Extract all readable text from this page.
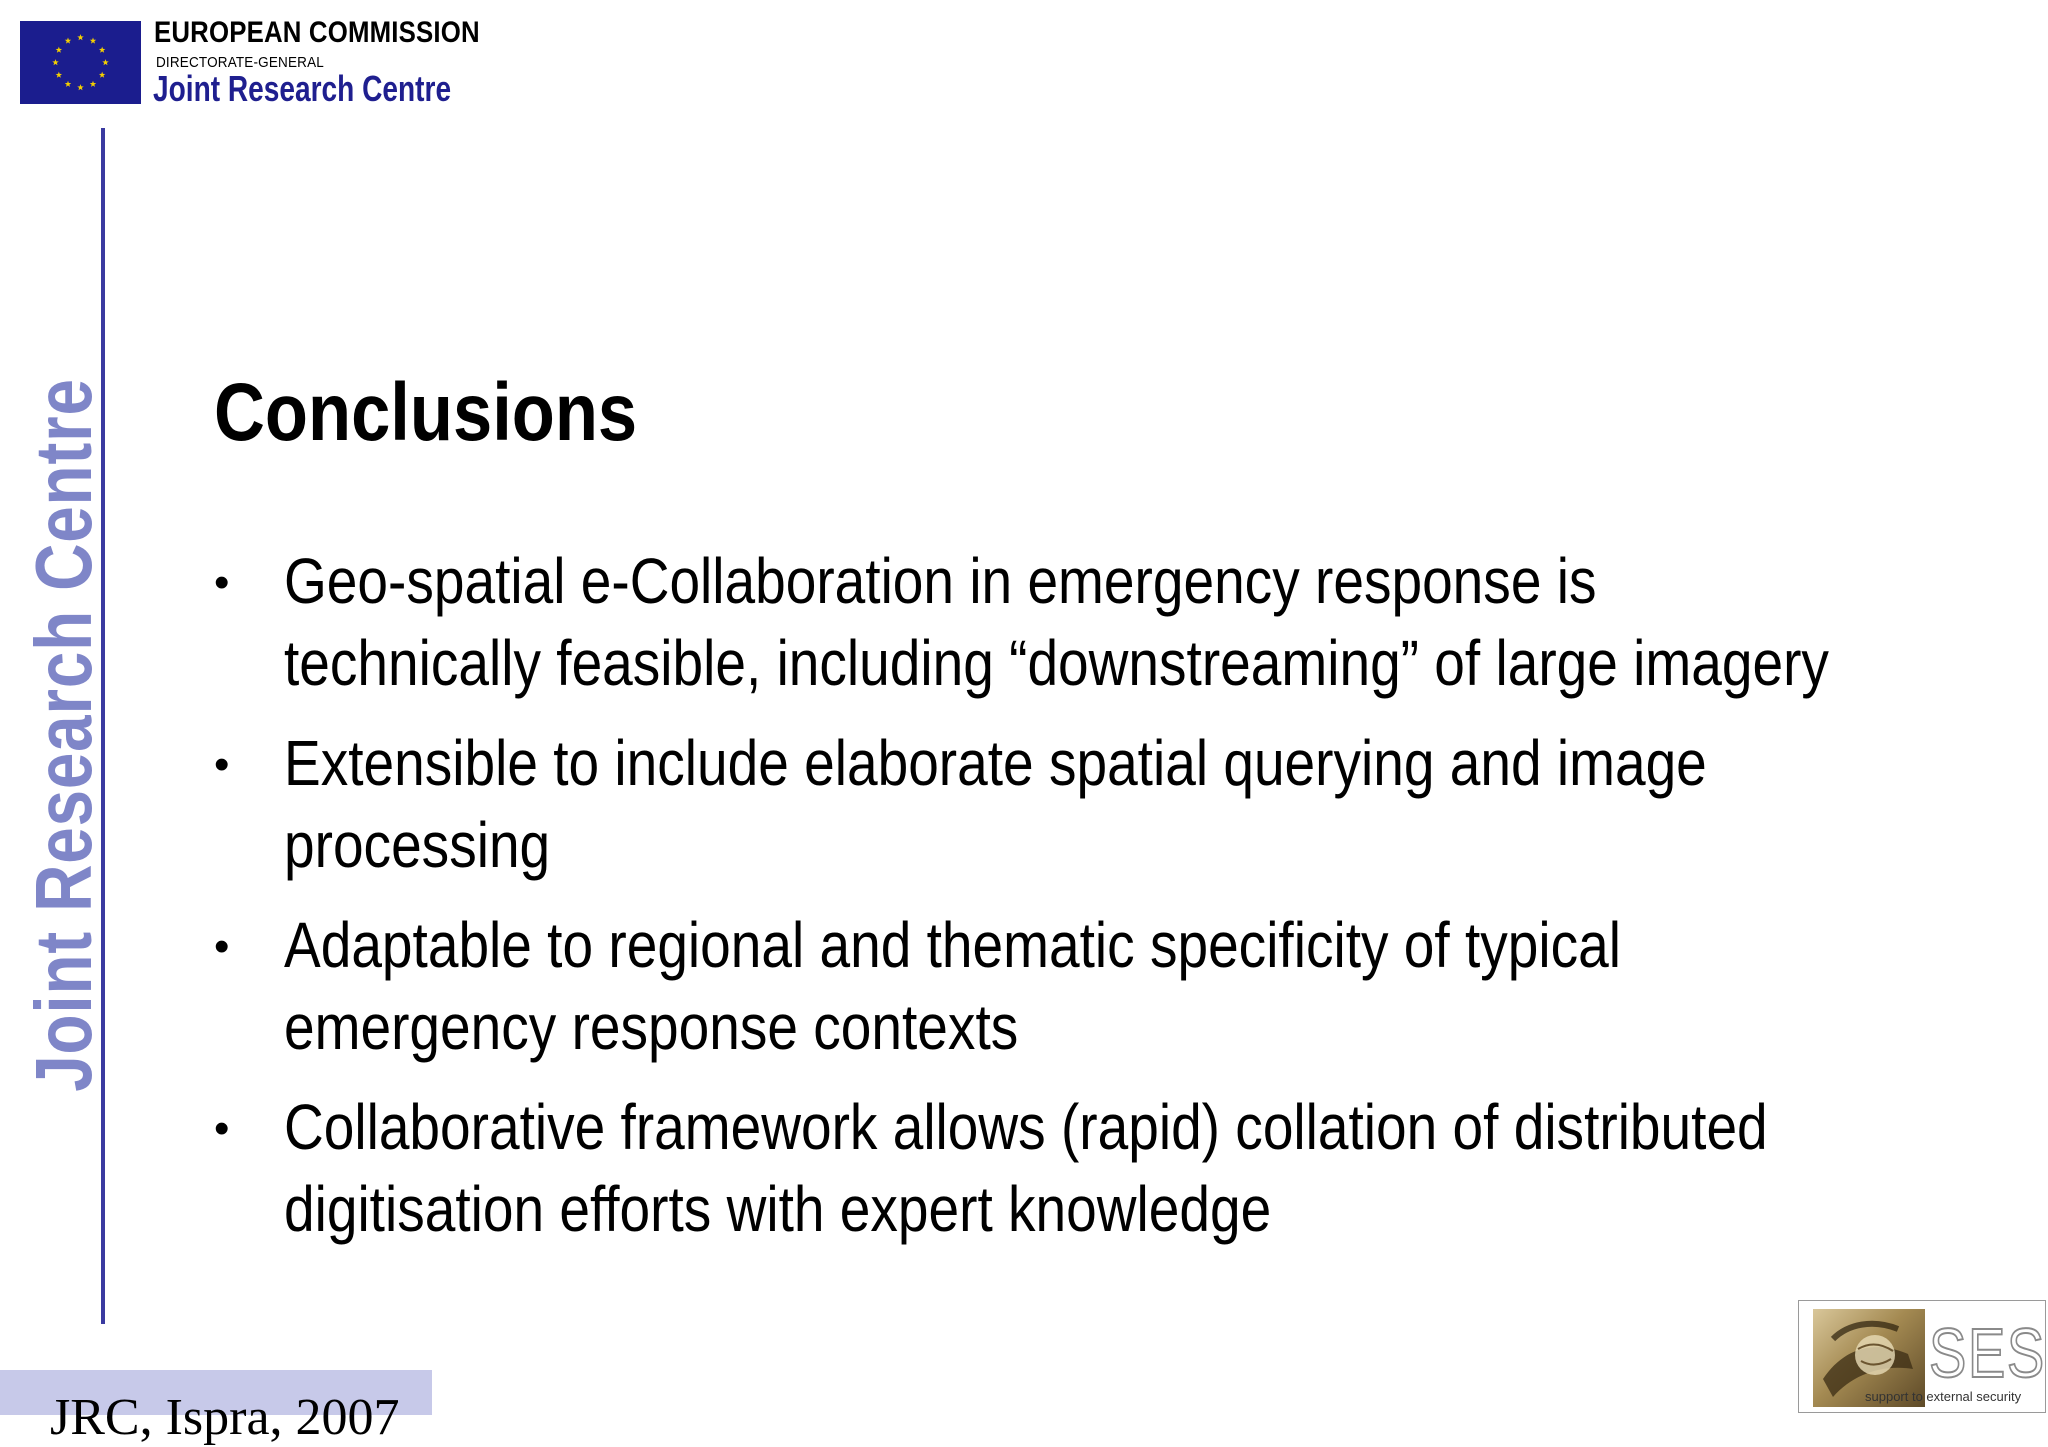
EUROPEAN COMMISSION
DIRECTORATE-GENERAL
Joint Research Centre
Joint Research Centre Conclusions
• Geo-spatial e-Collaboration in emergency response is technically feasible, including “downstreaming” of large imagery
• Extensible to include elaborate spatial querying and image processing
• Adaptable to regional and thematic specificity of typical emergency response contexts
• Collaborative framework allows (rapid) collation of distributed digitisation efforts with expert knowledge
JRC, Ispra, 2007
SES
support to external security
